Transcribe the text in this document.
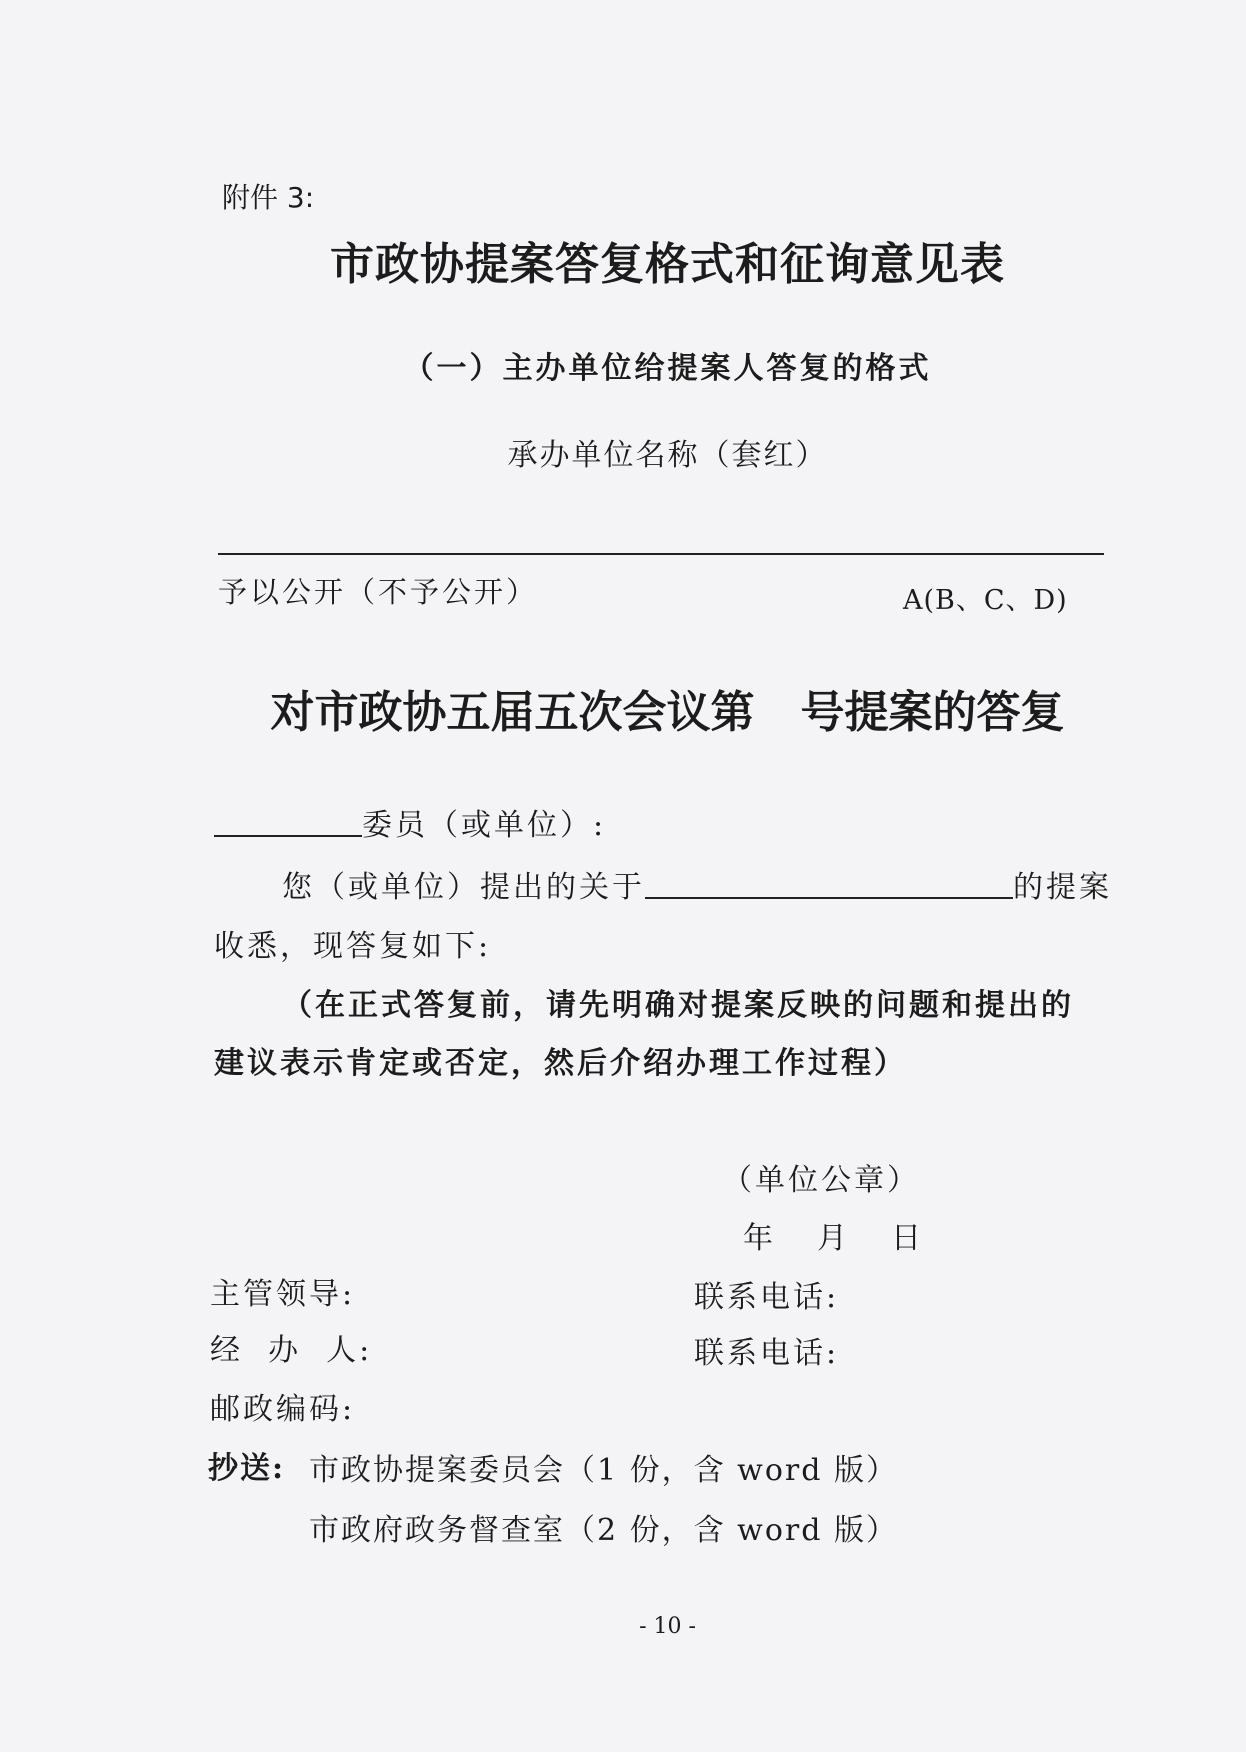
附件 3:
市政协提案答复格式和征询意见表
（一）主办单位给提案人答复的格式
承办单位名称（套红）
予以公开（不予公开）	A(B、C、D)
对市政协五届五次会议第 号提案的答复
委员（或单位）:
您（或单位）提出的关于	的提案
收悉，现答复如下:
（在正式答复前，请先明确对提案反映的问题和提出的
建议表示肯定或否定，然后介绍办理工作过程）
（单位公章）
年 月 日
主管领导:
经  办  人:
邮政编码:
联系电话:
联系电话:
抄送: 市政协提案委员会（1 份，含 word 版）
市政府政务督查室（2 份，含 word 版）
- 10 -
